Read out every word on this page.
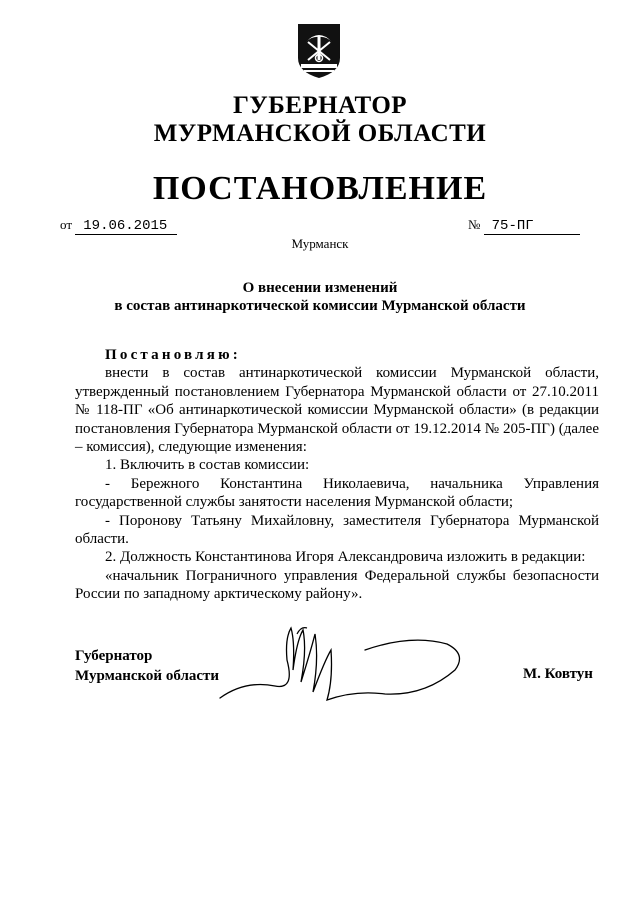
ГУБЕРНАТОР
МУРМАНСКОЙ ОБЛАСТИ
ПОСТАНОВЛЕНИЕ
от 19.06.2015	№ 75-ПГ
Мурманск
О внесении изменений
в состав антинаркотической комиссии Мурманской области

Постановляю:

внести в состав антинаркотической комиссии Мурманской области, утвержденный постановлением Губернатора Мурманской области от 27.10.2011 № 118-ПГ «Об антинаркотической комиссии Мурманской области» (в редакции постановления Губернатора Мурманской области от 19.12.2014 № 205-ПГ) (далее – комиссия), следующие изменения:

1. Включить в состав комиссии:

- Бережного Константина Николаевича, начальника Управления государственной службы занятости населения Мурманской области;

- Поронову Татьяну Михайловну, заместителя Губернатора Мурманской области.

2. Должность Константинова Игоря Александровича изложить в редакции:

«начальник Пограничного управления Федеральной службы безопасности России по западному арктическому району».

Губернатор
Мурманской области	М. Ковтун
